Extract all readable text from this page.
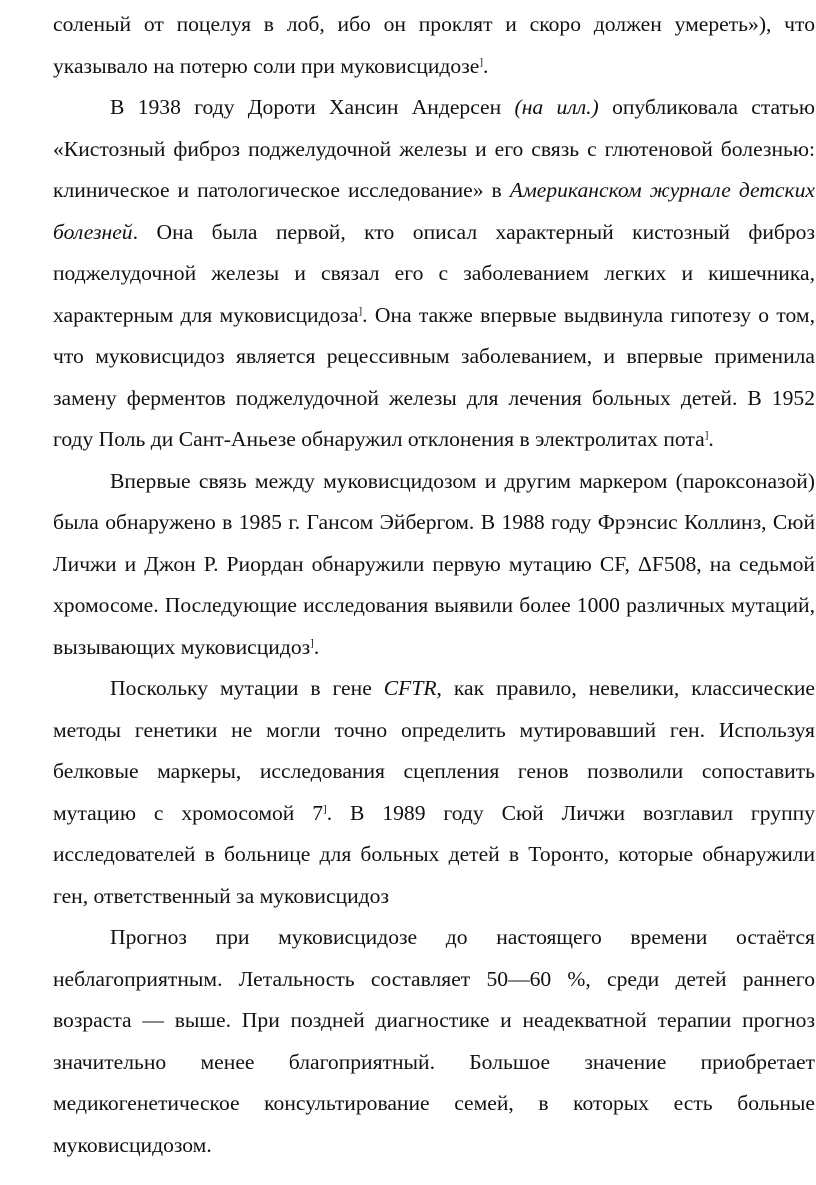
соленый от поцелуя в лоб, ибо он проклят и скоро должен умереть»), что указывало на потерю соли при муковисцидозе].

В 1938 году Дороти Хансин Андерсен (на илл.) опубликовала статью «Кистозный фиброз поджелудочной железы и его связь с глютеновой болезнью: клиническое и патологическое исследование» в Американском журнале детских болезней. Она была первой, кто описал характерный кистозный фиброз поджелудочной железы и связал его с заболеванием легких и кишечника, характерным для муковисцидоза]. Она также впервые выдвинула гипотезу о том, что муковисцидоз является рецессивным заболеванием, и впервые применила замену ферментов поджелудочной железы для лечения больных детей. В 1952 году Поль ди Сант-Аньезе обнаружил отклонения в электролитах пота].

Впервые связь между муковисцидозом и другим маркером (пароксоназой) была обнаружено в 1985 г. Гансом Эйбергом. В 1988 году Фрэнсис Коллинз, Сюй Личжи и Джон Р. Риордан обнаружили первую мутацию CF, ΔF508, на седьмой хромосоме. Последующие исследования выявили более 1000 различных мутаций, вызывающих муковисцидоз].

Поскольку мутации в гене CFTR, как правило, невелики, классические методы генетики не могли точно определить мутировавший ген. Используя белковые маркеры, исследования сцепления генов позволили сопоставить мутацию с хромосомой 7]. В 1989 году Сюй Личжи возглавил группу исследователей в больнице для больных детей в Торонто, которые обнаружили ген, ответственный за муковисцидоз

Прогноз при муковисцидозе до настоящего времени остаётся неблагоприятным. Летальность составляет 50—60 %, среди детей раннего возраста — выше. При поздней диагностике и неадекватной терапии прогноз значительно менее благоприятный. Большое значение приобретает медикогенетическое консультирование семей, в которых есть больные муковисцидозом.
